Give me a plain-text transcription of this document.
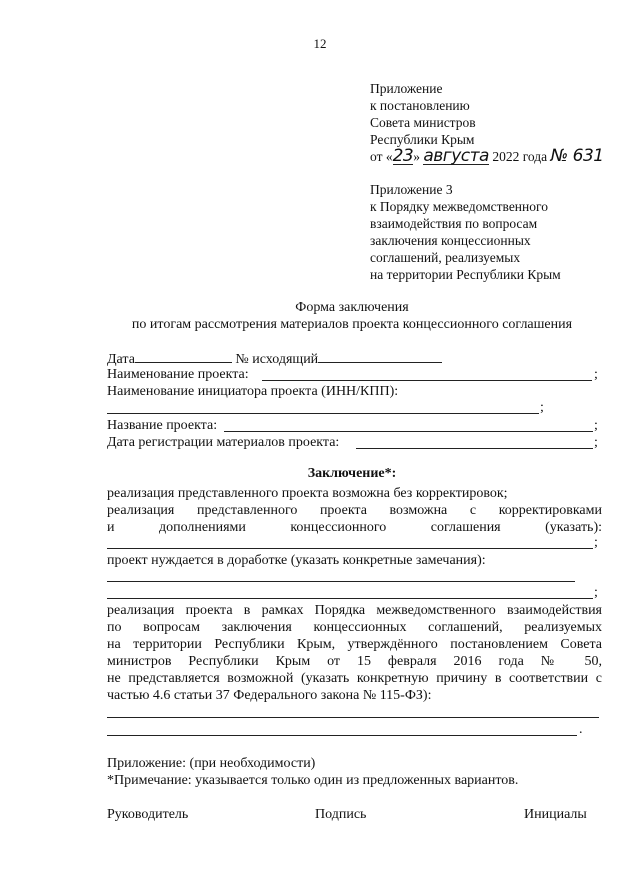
12
Приложение
к постановлению
Совета министров
Республики Крым
от «23» августа 2022 года № 631
Приложение 3
к Порядку межведомственного
взаимодействия по вопросам
заключения концессионных
соглашений, реализуемых
на территории Республики Крым
Форма заключения
по итогам рассмотрения материалов проекта концессионного соглашения
Дата	№ исходящий
Наименование проекта:	;
Наименование инициатора проекта (ИНН/КПП):
;
Название проекта:	;
Дата регистрации материалов проекта:	;
Заключение*:
реализация представленного проекта возможна без корректировок;
реализация представленного проекта возможна с корректировками
и дополнениями концессионного соглашения (указать):
;
проект нуждается в доработке (указать конкретные замечания):
;
реализация проекта в рамках Порядка межведомственного взаимодействия
по вопросам заключения концессионных соглашений, реализуемых
на территории Республики Крым, утверждённого постановлением Совета
министров Республики Крым от 15 февраля 2016 года № 50,
не представляется возможной (указать конкретную причину в соответствии с
частью 4.6 статьи 37 Федерального закона № 115-ФЗ):
.
Приложение: (при необходимости)
*Примечание: указывается только один из предложенных вариантов.
Руководитель	Подпись	Инициалы
